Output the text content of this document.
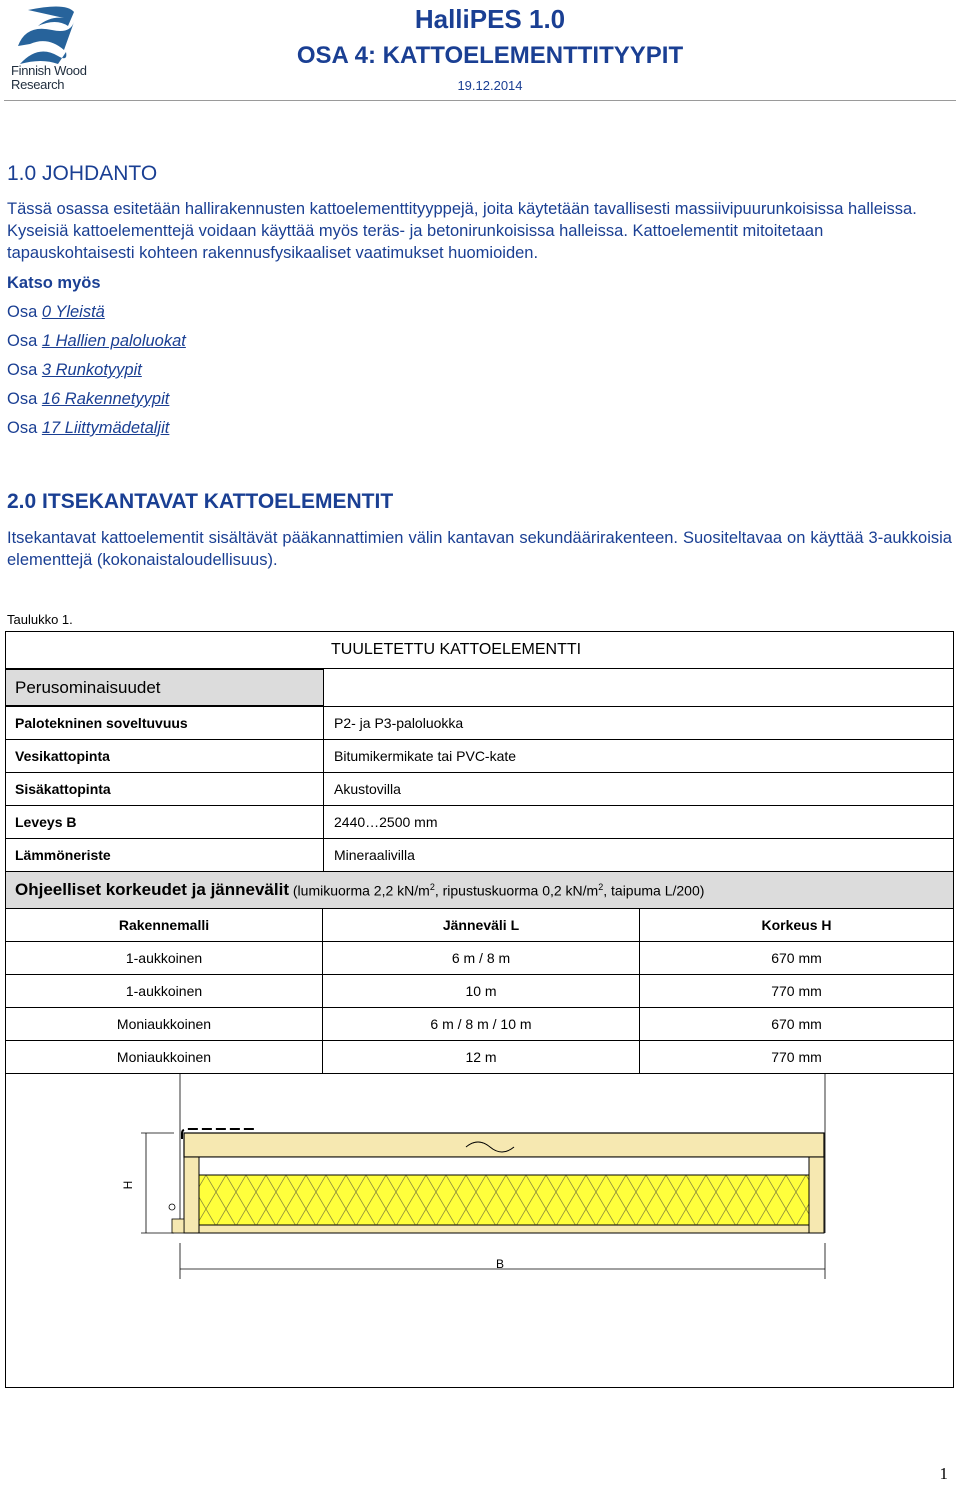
Finnish Wood
Research
HalliPES 1.0
OSA 4: KATTOELEMENTTITYYPIT
19.12.2014
1.0 JOHDANTO

Tässä osassa esitetään hallirakennusten kattoelementtityyppejä, joita käytetään tavallisesti massiivipuurunkoisissa halleissa. Kyseisiä kattoelementtejä voidaan käyttää myös teräs- ja betonirunkoisissa halleissa. Kattoelementit mitoitetaan tapauskohtaisesti kohteen rakennusfysikaaliset vaatimukset huomioiden.

Katso myös
Osa 0 Yleistä
Osa 1 Hallien paloluokat
Osa 3 Runkotyypit
Osa 16 Rakennetyypit
Osa 17 Liittymädetaljit
2.0 ITSEKANTAVAT KATTOELEMENTIT

Itsekantavat kattoelementit sisältävät pääkannattimien välin kantavan sekundäärirakenteen. Suositeltavaa on käyttää 3-aukkoisia elementtejä (kokonaistaloudellisuus).

Taulukko 1.
TUULETETTU KATTOELEMENTTI
Perusominaisuudet
Palotekninen soveltuvuus	P2- ja P3-paloluokka
Vesikattopinta	Bitumikermikate tai PVC-kate
Sisäkattopinta	Akustovilla
Leveys B	2440…2500 mm
Lämmöneriste	Mineraalivilla
Ohjeelliset korkeudet ja jännevälit
(lumikuorma 2,2 $kN/m^2$, ripustuskuorma 0,2 $kN/m^2$, taipuma L/200)
Rakennemalli	Jänneväli L	Korkeus H
1-aukkoinen	6 m / 8 m	670 mm
1-aukkoinen	10 m	770 mm
Moniaukkoinen	6 m / 8 m / 10 m	670 mm
Moniaukkoinen	12 m	770 mm
H
B
1
